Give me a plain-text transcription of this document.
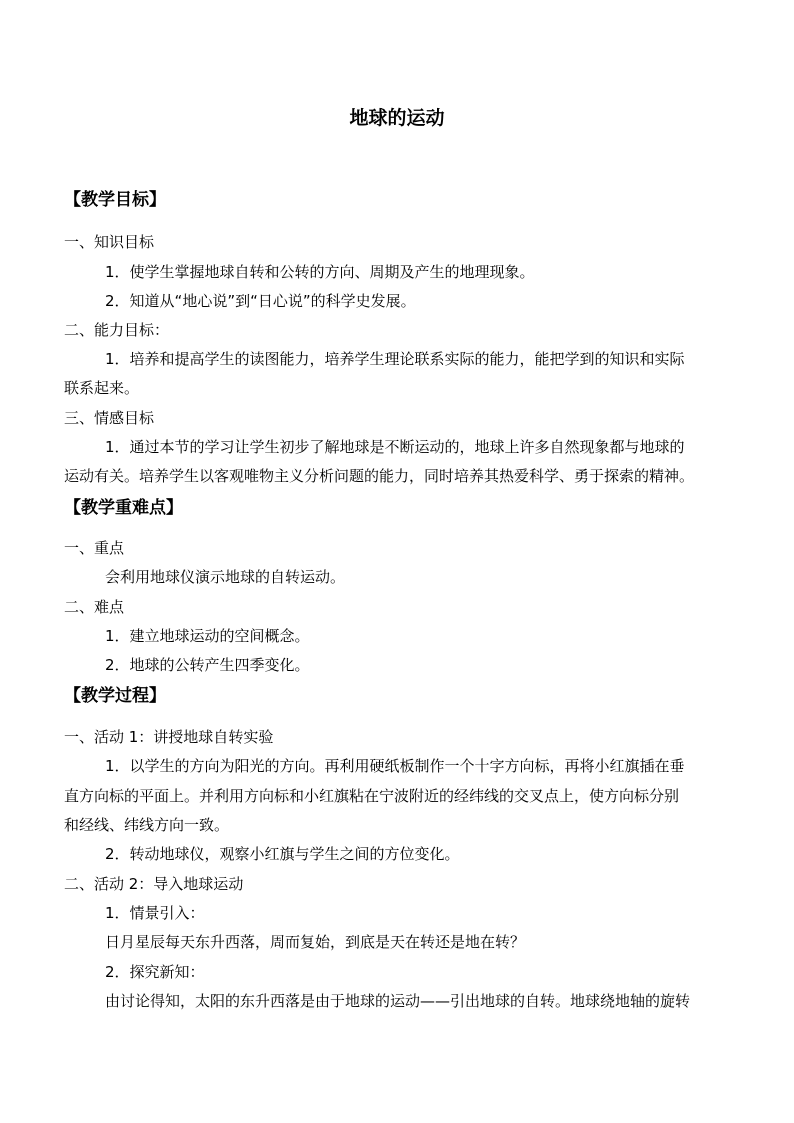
地球的运动
【教学目标】
一、知识目标
1．使学生掌握地球自转和公转的方向、周期及产生的地理现象。
2．知道从“地心说”到“日心说”的科学史发展。
二、能力目标：
1．培养和提高学生的读图能力，培养学生理论联系实际的能力，能把学到的知识和实际
联系起来。
三、情感目标
1．通过本节的学习让学生初步了解地球是不断运动的，地球上许多自然现象都与地球的
运动有关。培养学生以客观唯物主义分析问题的能力，同时培养其热爱科学、勇于探索的精神。
【教学重难点】
一、重点
会利用地球仪演示地球的自转运动。
二、难点
1．建立地球运动的空间概念。
2．地球的公转产生四季变化。
【教学过程】
一、活动 1：讲授地球自转实验
1．以学生的方向为阳光的方向。再利用硬纸板制作一个十字方向标，再将小红旗插在垂
直方向标的平面上。并利用方向标和小红旗粘在宁波附近的经纬线的交叉点上，使方向标分别
和经线、纬线方向一致。
2．转动地球仪，观察小红旗与学生之间的方位变化。
二、活动 2：导入地球运动
1．情景引入：
日月星辰每天东升西落，周而复始，到底是天在转还是地在转？
2．探究新知：
由讨论得知，太阳的东升西落是由于地球的运动——引出地球的自转。地球绕地轴的旋转
